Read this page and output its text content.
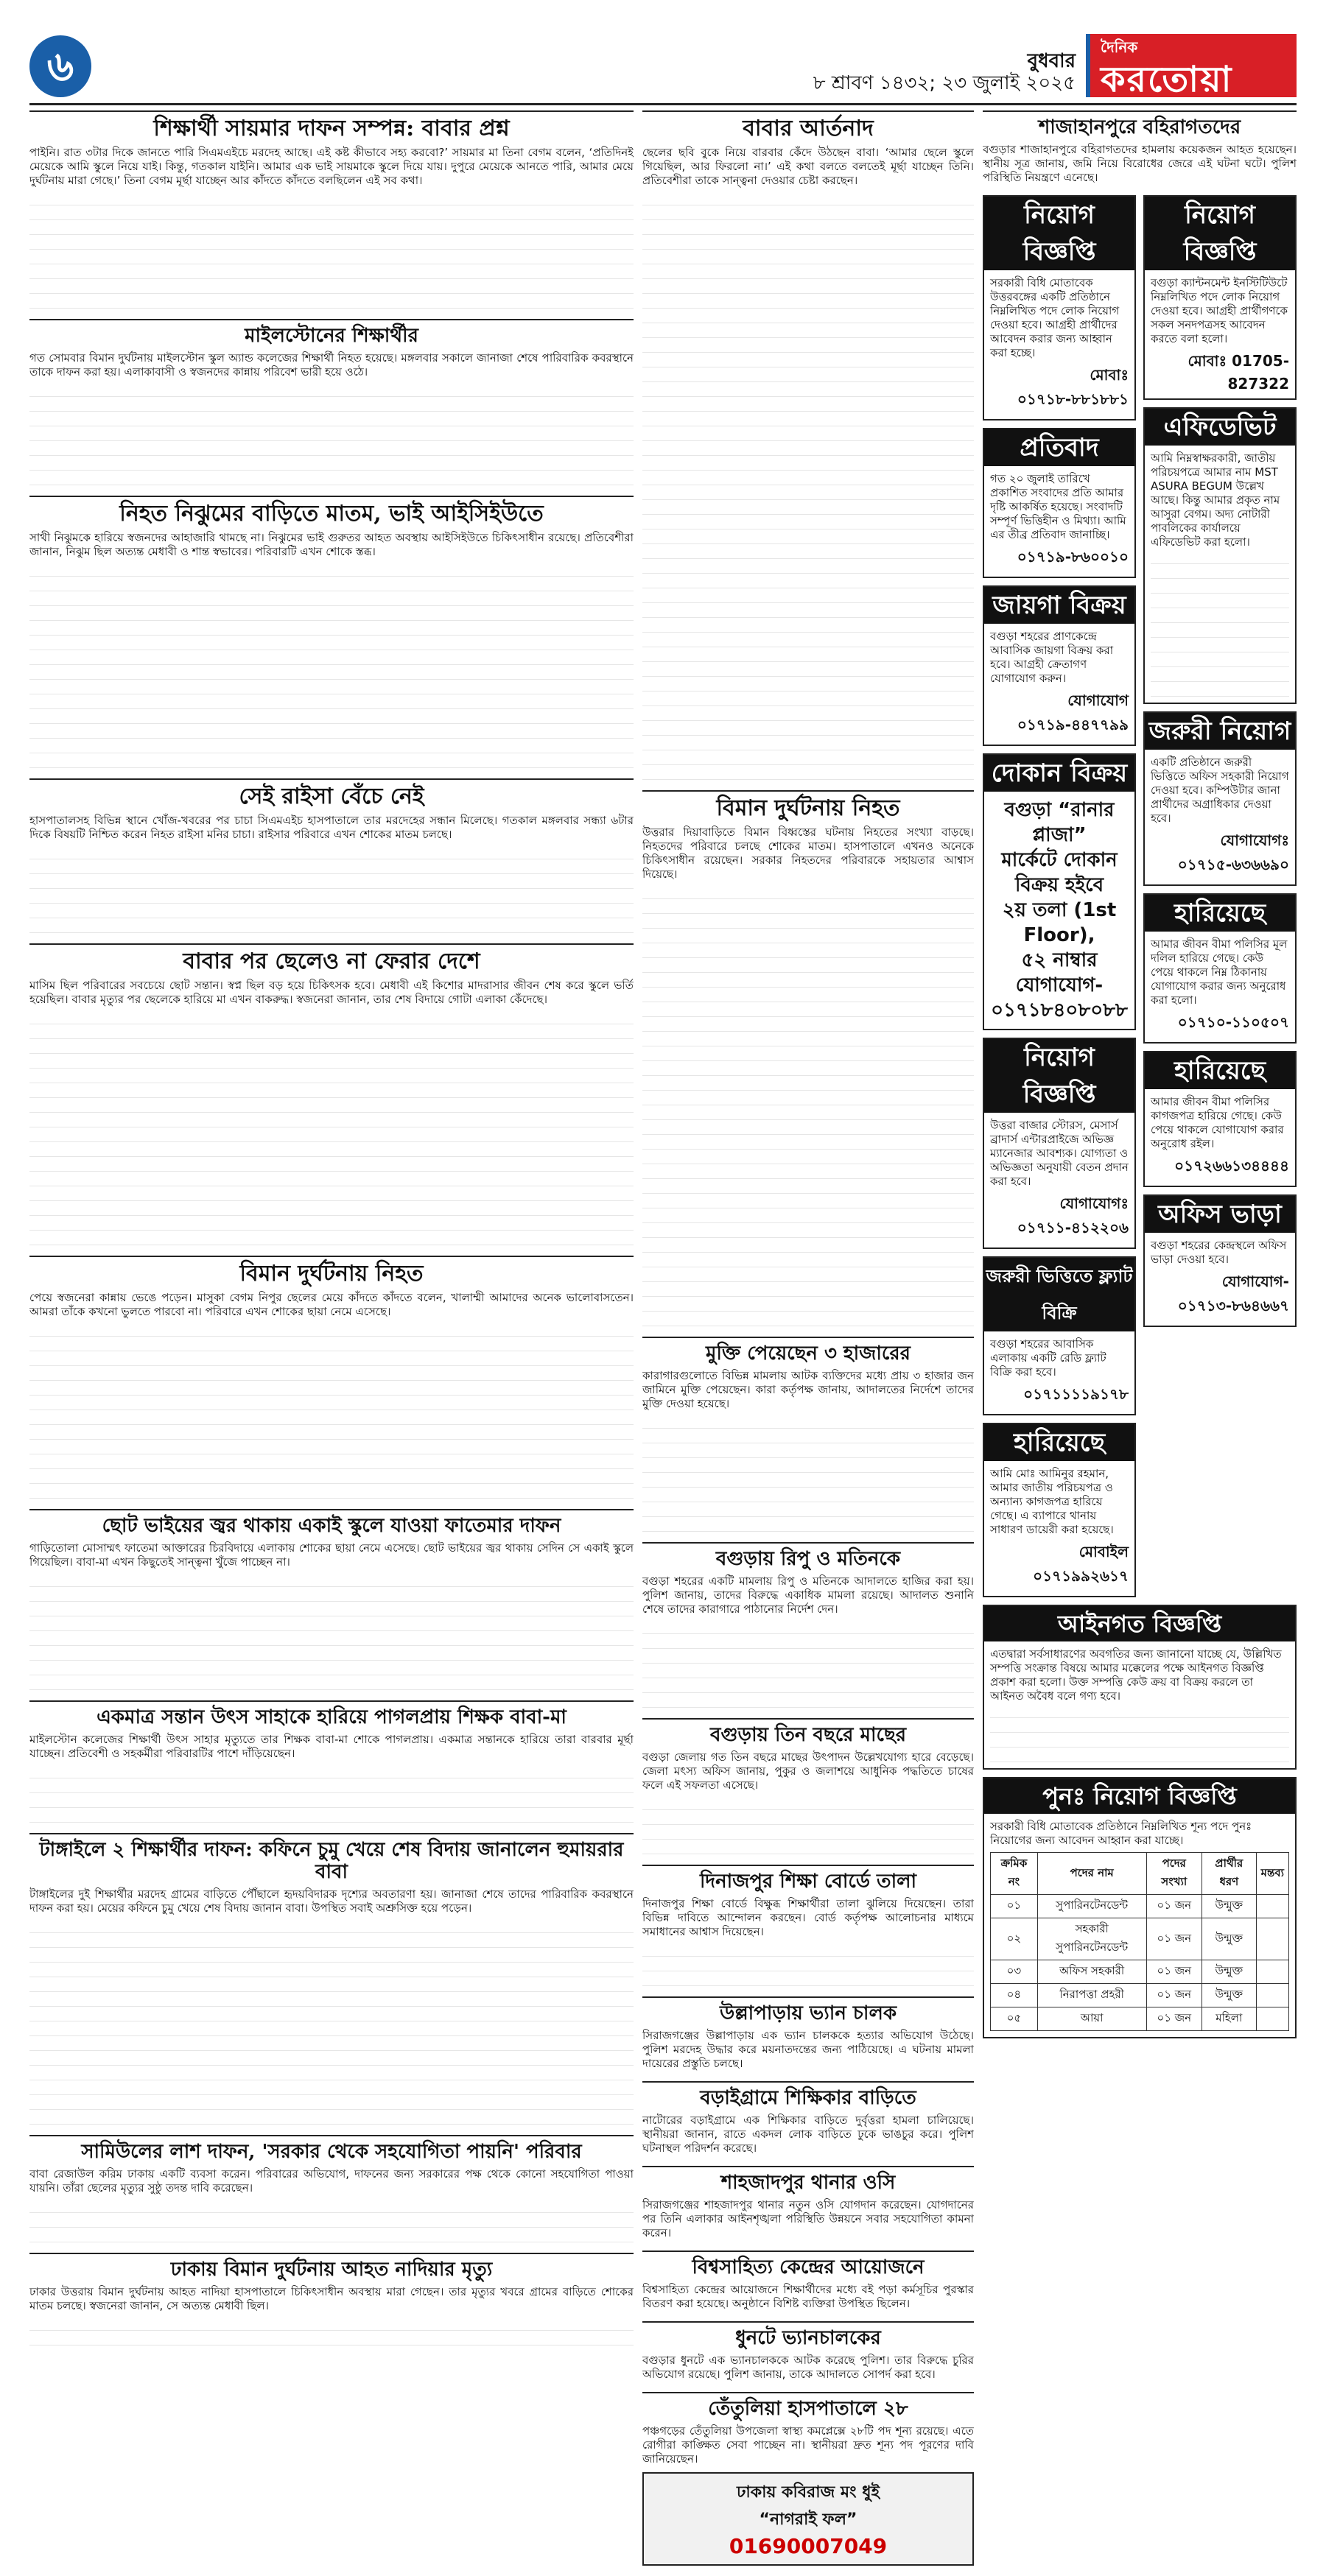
৬	বুধবার
৮ শ্রাবণ ১৪৩২; ২৩ জুলাই ২০২৫
দৈনিক
করতোয়া
শিক্ষার্থী সায়মার দাফন সম্পন্ন: বাবার প্রশ্ন

পাইনি। রাত ৩টার দিকে জানতে পারি সিএমএইচে মরদেহ আছে। এই কষ্ট কীভাবে সহ্য করবো?’ সায়মার মা তিনা বেগম বলেন, ‘প্রতিদিনই মেয়েকে আমি স্কুলে নিয়ে যাই। কিন্তু, গতকাল যাইনি। আমার এক ভাই সায়মাকে স্কুলে দিয়ে যায়। দুপুরে মেয়েকে আনতে পারি, আমার মেয়ে দুর্ঘটনায় মারা গেছে।’ তিনা বেগম মূর্ছা যাচ্ছেন আর কাঁদতে কাঁদতে বলছিলেন এই সব কথা।

মাইলস্টোনের শিক্ষার্থীর

গত সোমবার বিমান দুর্ঘটনায় মাইলস্টোন স্কুল অ্যান্ড কলেজের শিক্ষার্থী নিহত হয়েছে। মঙ্গলবার সকালে জানাজা শেষে পারিবারিক কবরস্থানে তাকে দাফন করা হয়। এলাকাবাসী ও স্বজনদের কান্নায় পরিবেশ ভারী হয়ে ওঠে।

নিহত নিঝুমের বাড়িতে মাতম, ভাই আইসিইউতে

সাথী নিঝুমকে হারিয়ে স্বজনদের আহাজারি থামছে না। নিঝুমের ভাই গুরুতর আহত অবস্থায় আইসিইউতে চিকিৎসাধীন রয়েছে। প্রতিবেশীরা জানান, নিঝুম ছিল অত্যন্ত মেধাবী ও শান্ত স্বভাবের। পরিবারটি এখন শোকে স্তব্ধ।

সেই রাইসা বেঁচে নেই

হাসপাতালসহ বিভিন্ন স্থানে খোঁজ-খবরের পর চাচা সিএমএইচ হাসপাতালে তার মরদেহের সন্ধান মিলেছে। গতকাল মঙ্গলবার সন্ধ্যা ৬টার দিকে বিষয়টি নিশ্চিত করেন নিহত রাইসা মনির চাচা। রাইসার পরিবারে এখন শোকের মাতম চলছে।

বাবার পর ছেলেও না ফেরার দেশে

মাসিম ছিল পরিবারের সবচেয়ে ছোট সন্তান। স্বপ্ন ছিল বড় হয়ে চিকিৎসক হবে। মেধাবী এই কিশোর মাদরাসার জীবন শেষ করে স্কুলে ভর্তি হয়েছিল। বাবার মৃত্যুর পর ছেলেকে হারিয়ে মা এখন বাকরুদ্ধ। স্বজনেরা জানান, তার শেষ বিদায়ে গোটা এলাকা কেঁদেছে।

বিমান দুর্ঘটনায় নিহত

পেয়ে স্বজনেরা কান্নায় ভেঙে পড়েন। মাসুকা বেগম নিপুর ছেলের মেয়ে কাঁদতে কাঁদতে বলেন, খালাম্মী আমাদের অনেক ভালোবাসতেন। আমরা তাঁকে কখনো ভুলতে পারবো না। পরিবারে এখন শোকের ছায়া নেমে এসেছে।

ছোট ভাইয়ের জ্বর থাকায় একাই স্কুলে যাওয়া ফাতেমার দাফন

গাড়িতোলা মোসাম্মৎ ফাতেমা আক্তারের চিরবিদায়ে এলাকায় শোকের ছায়া নেমে এসেছে। ছোট ভাইয়ের জ্বর থাকায় সেদিন সে একাই স্কুলে গিয়েছিল। বাবা-মা এখন কিছুতেই সান্ত্বনা খুঁজে পাচ্ছেন না।

একমাত্র সন্তান উৎস সাহাকে হারিয়ে পাগলপ্রায় শিক্ষক বাবা-মা

মাইলস্টোন কলেজের শিক্ষার্থী উৎস সাহার মৃত্যুতে তার শিক্ষক বাবা-মা শোকে পাগলপ্রায়। একমাত্র সন্তানকে হারিয়ে তারা বারবার মূর্ছা যাচ্ছেন। প্রতিবেশী ও সহকর্মীরা পরিবারটির পাশে দাঁড়িয়েছেন।

টাঙ্গাইলে ২ শিক্ষার্থীর দাফন: কফিনে চুমু খেয়ে শেষ বিদায় জানালেন হুমায়রার বাবা

টাঙ্গাইলের দুই শিক্ষার্থীর মরদেহ গ্রামের বাড়িতে পৌঁছালে হৃদয়বিদারক দৃশ্যের অবতারণা হয়। জানাজা শেষে তাদের পারিবারিক কবরস্থানে দাফন করা হয়। মেয়ের কফিনে চুমু খেয়ে শেষ বিদায় জানান বাবা। উপস্থিত সবাই অশ্রুসিক্ত হয়ে পড়েন।

সামিউলের লাশ দাফন, 'সরকার থেকে সহযোগিতা পায়নি' পরিবার

বাবা রেজাউল করিম ঢাকায় একটি ব্যবসা করেন। পরিবারের অভিযোগ, দাফনের জন্য সরকারের পক্ষ থেকে কোনো সহযোগিতা পাওয়া যায়নি। তাঁরা ছেলের মৃত্যুর সুষ্ঠু তদন্ত দাবি করেছেন।

ঢাকায় বিমান দুর্ঘটনায় আহত নাদিয়ার মৃত্যু

ঢাকার উত্তরায় বিমান দুর্ঘটনায় আহত নাদিয়া হাসপাতালে চিকিৎসাধীন অবস্থায় মারা গেছেন। তার মৃত্যুর খবরে গ্রামের বাড়িতে শোকের মাতম চলছে। স্বজনেরা জানান, সে অত্যন্ত মেধাবী ছিল।

বাবার আর্তনাদ

ছেলের ছবি বুকে নিয়ে বারবার কেঁদে উঠছেন বাবা। ‘আমার ছেলে স্কুলে গিয়েছিল, আর ফিরলো না।’ এই কথা বলতে বলতেই মূর্ছা যাচ্ছেন তিনি। প্রতিবেশীরা তাকে সান্ত্বনা দেওয়ার চেষ্টা করছেন।

বিমান দুর্ঘটনায় নিহত

উত্তরার দিয়াবাড়িতে বিমান বিধ্বস্তের ঘটনায় নিহতের সংখ্যা বাড়ছে। নিহতদের পরিবারে চলছে শোকের মাতম। হাসপাতালে এখনও অনেকে চিকিৎসাধীন রয়েছেন। সরকার নিহতদের পরিবারকে সহায়তার আশ্বাস দিয়েছে।

মুক্তি পেয়েছেন ৩ হাজারের

কারাগারগুলোতে বিভিন্ন মামলায় আটক ব্যক্তিদের মধ্যে প্রায় ৩ হাজার জন জামিনে মুক্তি পেয়েছেন। কারা কর্তৃপক্ষ জানায়, আদালতের নির্দেশে তাদের মুক্তি দেওয়া হয়েছে।

বগুড়ায় রিপু ও মতিনকে

বগুড়া শহরের একটি মামলায় রিপু ও মতিনকে আদালতে হাজির করা হয়। পুলিশ জানায়, তাদের বিরুদ্ধে একাধিক মামলা রয়েছে। আদালত শুনানি শেষে তাদের কারাগারে পাঠানোর নির্দেশ দেন।

বগুড়ায় তিন বছরে মাছের

বগুড়া জেলায় গত তিন বছরে মাছের উৎপাদন উল্লেখযোগ্য হারে বেড়েছে। জেলা মৎস্য অফিস জানায়, পুকুর ও জলাশয়ে আধুনিক পদ্ধতিতে চাষের ফলে এই সফলতা এসেছে।

দিনাজপুর শিক্ষা বোর্ডে তালা

দিনাজপুর শিক্ষা বোর্ডে বিক্ষুব্ধ শিক্ষার্থীরা তালা ঝুলিয়ে দিয়েছেন। তারা বিভিন্ন দাবিতে আন্দোলন করছেন। বোর্ড কর্তৃপক্ষ আলোচনার মাধ্যমে সমাধানের আশ্বাস দিয়েছেন।

উল্লাপাড়ায় ভ্যান চালক

সিরাজগঞ্জের উল্লাপাড়ায় এক ভ্যান চালককে হত্যার অভিযোগ উঠেছে। পুলিশ মরদেহ উদ্ধার করে ময়নাতদন্তের জন্য পাঠিয়েছে। এ ঘটনায় মামলা দায়েরের প্রস্তুতি চলছে।

বড়াইগ্রামে শিক্ষিকার বাড়িতে

নাটোরের বড়াইগ্রামে এক শিক্ষিকার বাড়িতে দুর্বৃত্তরা হামলা চালিয়েছে। স্থানীয়রা জানান, রাতে একদল লোক বাড়িতে ঢুকে ভাঙচুর করে। পুলিশ ঘটনাস্থল পরিদর্শন করেছে।

শাহজাদপুর থানার ওসি

সিরাজগঞ্জের শাহজাদপুর থানার নতুন ওসি যোগদান করেছেন। যোগদানের পর তিনি এলাকার আইনশৃঙ্খলা পরিস্থিতি উন্নয়নে সবার সহযোগিতা কামনা করেন।

বিশ্বসাহিত্য কেন্দ্রের আয়োজনে

বিশ্বসাহিত্য কেন্দ্রের আয়োজনে শিক্ষার্থীদের মধ্যে বই পড়া কর্মসূচির পুরস্কার বিতরণ করা হয়েছে। অনুষ্ঠানে বিশিষ্ট ব্যক্তিরা উপস্থিত ছিলেন।

ধুনটে ভ্যানচালকের

বগুড়ার ধুনটে এক ভ্যানচালককে আটক করেছে পুলিশ। তার বিরুদ্ধে চুরির অভিযোগ রয়েছে। পুলিশ জানায়, তাকে আদালতে সোপর্দ করা হবে।

তেঁতুলিয়া হাসপাতালে ২৮

পঞ্চগড়ের তেঁতুলিয়া উপজেলা স্বাস্থ্য কমপ্লেক্সে ২৮টি পদ শূন্য রয়েছে। এতে রোগীরা কাঙ্ক্ষিত সেবা পাচ্ছেন না। স্থানীয়রা দ্রুত শূন্য পদ পূরণের দাবি জানিয়েছেন।

ঢাকায় কবিরাজ মং ধুই
“নাগরাই ফল”
01690007049
শাজাহানপুরে বহিরাগতদের

বগুড়ার শাজাহানপুরে বহিরাগতদের হামলায় কয়েকজন আহত হয়েছেন। স্থানীয় সূত্র জানায়, জমি নিয়ে বিরোধের জেরে এই ঘটনা ঘটে। পুলিশ পরিস্থিতি নিয়ন্ত্রণে এনেছে।

নিয়োগ বিজ্ঞপ্তি

সরকারী বিধি মোতাবেক উত্তরবঙ্গের একটি প্রতিষ্ঠানে নিম্নলিখিত পদে লোক নিয়োগ দেওয়া হবে। আগ্রহী প্রার্থীদের আবেদন করার জন্য আহ্বান করা হচ্ছে।

মোবাঃ ০১৭১৮-৮৮১৮৮১
প্রতিবাদ

গত ২০ জুলাই তারিখে প্রকাশিত সংবাদের প্রতি আমার দৃষ্টি আকর্ষিত হয়েছে। সংবাদটি সম্পূর্ণ ভিত্তিহীন ও মিথ্যা। আমি এর তীব্র প্রতিবাদ জানাচ্ছি।

০১৭১৯-৮৬০০১০
জায়গা বিক্রয়

বগুড়া শহরের প্রাণকেন্দ্রে আবাসিক জায়গা বিক্রয় করা হবে। আগ্রহী ক্রেতাগণ যোগাযোগ করুন।

যোগাযোগ ০১৭১৯-৪৪৭৭৯৯
দোকান বিক্রয়
বগুড়া “রানার প্লাজা”
মার্কেটে দোকান
বিক্রয় হইবে
২য় তলা (1st Floor),
৫২ নাম্বার
যোগাযোগ-
০১৭১৮৪০৮০৮৮
নিয়োগ বিজ্ঞপ্তি

উত্তরা বাজার স্টোরস, মেসার্স ব্রাদার্স এন্টারপ্রাইজে অভিজ্ঞ ম্যানেজার আবশ্যক। যোগ্যতা ও অভিজ্ঞতা অনুযায়ী বেতন প্রদান করা হবে।

যোগাযোগঃ ০১৭১১-৪১২২০৬
জরুরী ভিত্তিতে ফ্ল্যাট বিক্রি

বগুড়া শহরের আবাসিক এলাকায় একটি রেডি ফ্ল্যাট বিক্রি করা হবে।

০১৭১১১১৯১৭৮
হারিয়েছে

আমি মোঃ আমিনুর রহমান, আমার জাতীয় পরিচয়পত্র ও অন্যান্য কাগজপত্র হারিয়ে গেছে। এ ব্যাপারে থানায় সাধারণ ডায়েরী করা হয়েছে।

মোবাইল ০১৭১৯৯২৬১৭
নিয়োগ বিজ্ঞপ্তি

বগুড়া ক্যান্টনমেন্ট ইনস্টিটিউটে নিম্নলিখিত পদে লোক নিয়োগ দেওয়া হবে। আগ্রহী প্রার্থীগণকে সকল সনদপত্রসহ আবেদন করতে বলা হলো।

মোবাঃ 01705-827322
এফিডেভিট

আমি নিম্নস্বাক্ষরকারী, জাতীয় পরিচয়পত্রে আমার নাম MST ASURA BEGUM উল্লেখ আছে। কিন্তু আমার প্রকৃত নাম আসুরা বেগম। অদ্য নোটারী পাবলিকের কার্যালয়ে এফিডেভিট করা হলো।

জরুরী নিয়োগ

একটি প্রতিষ্ঠানে জরুরী ভিত্তিতে অফিস সহকারী নিয়োগ দেওয়া হবে। কম্পিউটার জানা প্রার্থীদের অগ্রাধিকার দেওয়া হবে।

যোগাযোগঃ ০১৭১৫-৬৩৬৬৯০
হারিয়েছে

আমার জীবন বীমা পলিসির মূল দলিল হারিয়ে গেছে। কেউ পেয়ে থাকলে নিম্ন ঠিকানায় যোগাযোগ করার জন্য অনুরোধ করা হলো।

০১৭১০-১১০৫০৭
হারিয়েছে

আমার জীবন বীমা পলিসির কাগজপত্র হারিয়ে গেছে। কেউ পেয়ে থাকলে যোগাযোগ করার অনুরোধ রইল।

০১৭২৬৬১৩৪৪৪৪
অফিস ভাড়া

বগুড়া শহরের কেন্দ্রস্থলে অফিস ভাড়া দেওয়া হবে।

যোগাযোগ- ০১৭১৩-৮৬৪৬৬৭
আইনগত বিজ্ঞপ্তি

এতদ্বারা সর্বসাধারণের অবগতির জন্য জানানো যাচ্ছে যে, উল্লিখিত সম্পত্তি সংক্রান্ত বিষয়ে আমার মক্কেলের পক্ষে আইনগত বিজ্ঞপ্তি প্রকাশ করা হলো। উক্ত সম্পত্তি কেউ ক্রয় বা বিক্রয় করলে তা আইনত অবৈধ বলে গণ্য হবে।

পুনঃ নিয়োগ বিজ্ঞপ্তি

সরকারী বিধি মোতাবেক প্রতিষ্ঠানে নিম্নলিখিত শূন্য পদে পুনঃ নিয়োগের জন্য আবেদন আহ্বান করা যাচ্ছে।

ক্রমিক নং	পদের নাম	পদের সংখ্যা	প্রার্থীর ধরণ	মন্তব্য
০১	সুপারিনটেনডেন্ট	০১ জন	উন্মুক্ত	
০২	সহকারী সুপারিনটেনডেন্ট	০১ জন	উন্মুক্ত	
০৩	অফিস সহকারী	০১ জন	উন্মুক্ত	
০৪	নিরাপত্তা প্রহরী	০১ জন	উন্মুক্ত	
০৫	আয়া	০১ জন	মহিলা	
